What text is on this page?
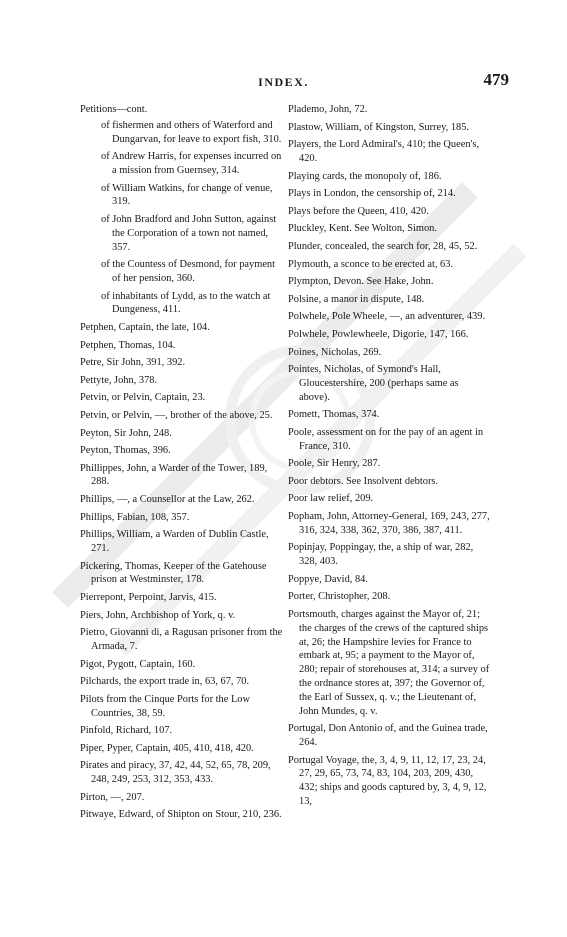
INDEX.	479
Petitions—cont.
of fishermen and others of Waterford and Dungarvan, for leave to export fish, 310.
of Andrew Harris, for expenses incurred on a mission from Guernsey, 314.
of William Watkins, for change of venue, 319.
of John Bradford and John Sutton, against the Corporation of a town not named, 357.
of the Countess of Desmond, for payment of her pension, 360.
of inhabitants of Lydd, as to the watch at Dungeness, 411.
Petphen, Captain, the late, 104.
Petphen, Thomas, 104.
Petre, Sir John, 391, 392.
Pettyte, John, 378.
Petvin, or Pelvin, Captain, 23.
Petvin, or Pelvin, —, brother of the above, 25.
Peyton, Sir John, 248.
Peyton, Thomas, 396.
Phillippes, John, a Warder of the Tower, 189, 288.
Phillips, —, a Counsellor at the Law, 262.
Phillips, Fabian, 108, 357.
Phillips, William, a Warden of Dublin Castle, 271.
Pickering, Thomas, Keeper of the Gatehouse prison at Westminster, 178.
Pierrepont, Perpoint, Jarvis, 415.
Piers, John, Archbishop of York, q. v.
Pietro, Giovanni di, a Ragusan prisoner from the Armada, 7.
Pigot, Pygott, Captain, 160.
Pilchards, the export trade in, 63, 67, 70.
Pilots from the Cinque Ports for the Low Countries, 38, 59.
Pinfold, Richard, 107.
Piper, Pyper, Captain, 405, 410, 418, 420.
Pirates and piracy, 37, 42, 44, 52, 65, 78, 209, 248, 249, 253, 312, 353, 433.
Pirton, —, 207.
Pitwaye, Edward, of Shipton on Stour, 210, 236.
Plademo, John, 72.
Plastow, William, of Kingston, Surrey, 185.
Players, the Lord Admiral's, 410; the Queen's, 420.
Playing cards, the monopoly of, 186.
Plays in London, the censorship of, 214.
Plays before the Queen, 410, 420.
Pluckley, Kent. See Wolton, Simon.
Plunder, concealed, the search for, 28, 45, 52.
Plymouth, a sconce to be erected at, 63.
Plympton, Devon. See Hake, John.
Polsine, a manor in dispute, 148.
Polwhele, Pole Wheele, —, an adventurer, 439.
Polwhele, Powlewheele, Digorie, 147, 166.
Poines, Nicholas, 269.
Pointes, Nicholas, of Symond's Hall, Gloucestershire, 200 (perhaps same as above).
Pomett, Thomas, 374.
Poole, assessment on for the pay of an agent in France, 310.
Poole, Sir Henry, 287.
Poor debtors. See Insolvent debtors.
Poor law relief, 209.
Popham, John, Attorney-General, 169, 243, 277, 316, 324, 338, 362, 370, 386, 387, 411.
Popinjay, Poppingay, the, a ship of war, 282, 328, 403.
Poppye, David, 84.
Porter, Christopher, 208.
Portsmouth, charges against the Mayor of, 21; the charges of the crews of the captured ships at, 26; the Hampshire levies for France to embark at, 95; a payment to the Mayor of, 280; repair of storehouses at, 314; a survey of the ordnance stores at, 397; the Governor of, the Earl of Sussex, q. v.; the Lieutenant of, John Mundes, q. v.
Portugal, Don Antonio of, and the Guinea trade, 264.
Portugal Voyage, the, 3, 4, 9, 11, 12, 17, 23, 24, 27, 29, 65, 73, 74, 83, 104, 203, 209, 430, 432; ships and goods captured by, 3, 4, 9, 12, 13,
